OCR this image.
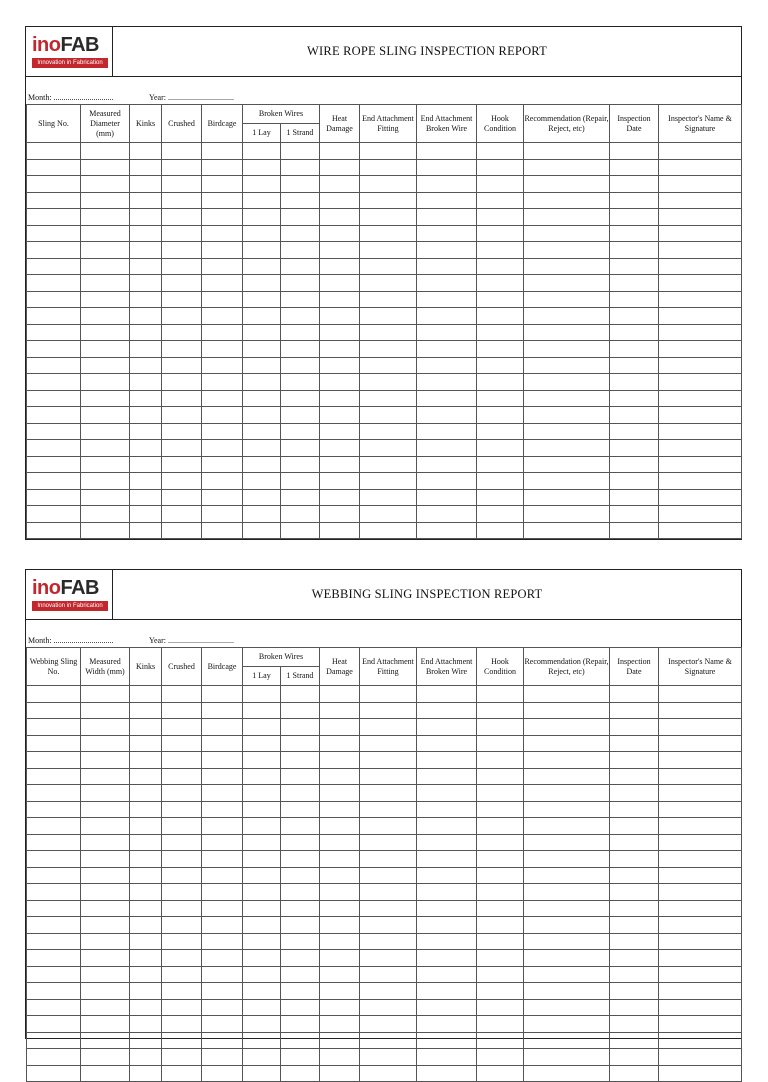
inoFAB
Innovation in Fabrication
WIRE ROPE SLING INSPECTION REPORT
Month: ..............................	Year: .................................
Sling No.	Measured Diameter (mm)	Kinks	Crushed	Birdcage	Broken Wires		Heat Damage	End Attachment Fitting	End Attachment Broken Wire	Hook Condition	Recommendation (Repair, Reject, etc)	Inspection Date	Inspector's Name & Signature
					1 Lay	1 Strand							

inoFAB
Innovation in Fabrication
WEBBING SLING INSPECTION REPORT
Month: ..............................	Year: .................................
Webbing Sling No.	Measured Width (mm)	Kinks	Crushed	Birdcage	Broken Wires		Heat Damage	End Attachment Fitting	End Attachment Broken Wire	Hook Condition	Recommendation (Repair, Reject, etc)	Inspection Date	Inspector's Name & Signature
					1 Lay	1 Strand							
